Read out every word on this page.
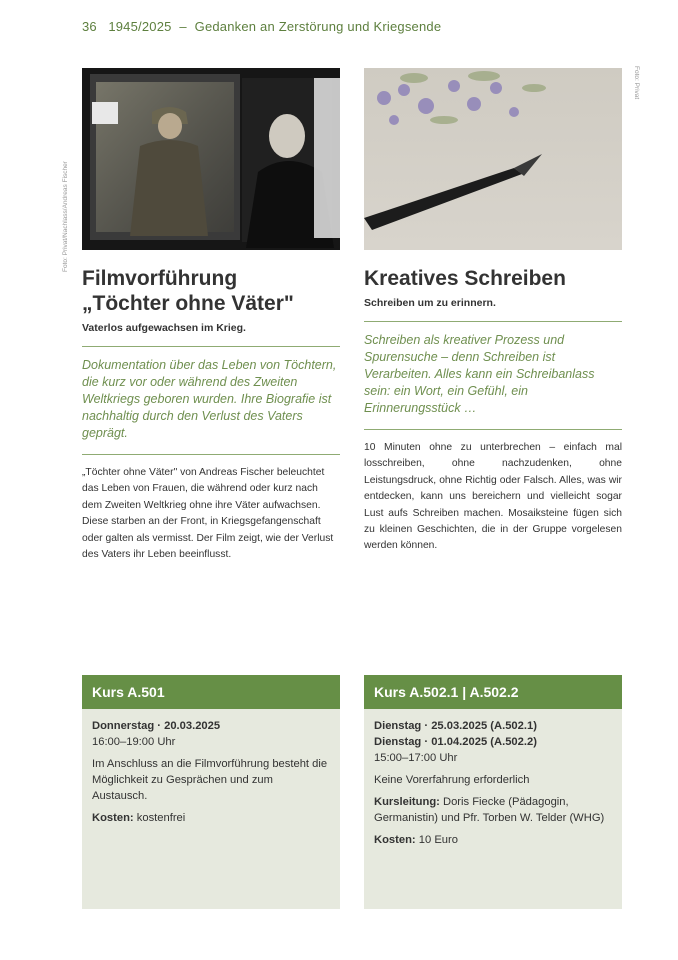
36 1945/2025 – Gedanken an Zerstörung und Kriegsende
Foto: Privat/Nachlass/Andreas Fischer
Foto: Privat
Filmvorführung
„Töchter ohne Väter"
Vaterlos aufgewachsen im Krieg.
Dokumentation über das Leben von Töchtern, die kurz vor oder während des Zweiten Weltkriegs geboren wurden. Ihre Biografie ist nachhaltig durch den Verlust des Vaters geprägt.
„Töchter ohne Väter" von Andreas Fischer beleuchtet das Leben von Frauen, die während oder kurz nach dem Zweiten Weltkrieg ohne ihre Väter aufwachsen. Diese starben an der Front, in Kriegsgefangenschaft oder galten als vermisst. Der Film zeigt, wie der Verlust des Vaters ihr Leben beeinflusst.
Kreatives Schreiben
Schreiben um zu erinnern.
Schreiben als kreativer Prozess und Spurensuche – denn Schreiben ist Verarbeiten. Alles kann ein Schreibanlass sein: ein Wort, ein Gefühl, ein Erinnerungsstück …
10 Minuten ohne zu unterbrechen – einfach mal losschreiben, ohne nachzudenken, ohne Leistungsdruck, ohne Richtig oder Falsch. Alles, was wir entdecken, kann uns bereichern und vielleicht sogar Lust aufs Schreiben machen. Mosaiksteine fügen sich zu kleinen Geschichten, die in der Gruppe vorgelesen werden können.
Kurs A.501

Donnerstag · 20.03.2025

16:00–19:00 Uhr

Im Anschluss an die Filmvorführung besteht die Möglichkeit zu Gesprächen und zum Austausch.

Kosten: kostenfrei

Kurs A.502.1 | A.502.2

Dienstag · 25.03.2025 (A.502.1)

Dienstag · 01.04.2025 (A.502.2)

15:00–17:00 Uhr

Keine Vorerfahrung erforderlich

Kursleitung: Doris Fiecke (Pädagogin, Germanistin) und Pfr. Torben W. Telder (WHG)

Kosten: 10 Euro
